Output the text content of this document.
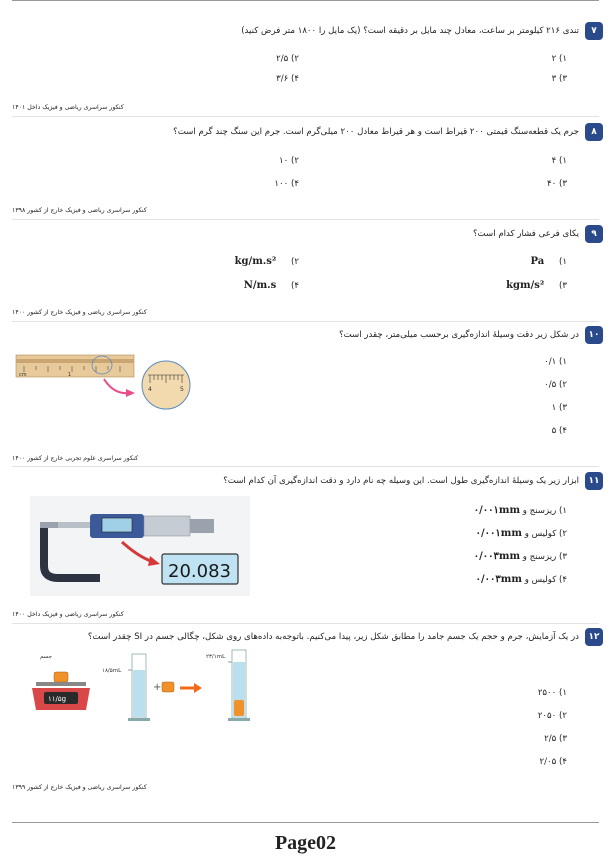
۷
تندی ۲۱۶ کیلومتر بر ساعت، معادل چند مایل بر دقیقه است؟ (یک مایل را ۱۸۰۰ متر فرض کنید)
۱) ۲
۲) ۲/۵
۳) ۳
۴) ۳/۶
کنکور سراسری ریاضی و فیزیک داخل ۱۴۰۱
۸
جرم یک قطعه‌سنگ قیمتی ۲۰۰ قیراط است و هر قیراط معادل ۲۰۰ میلی‌گرم است. جرم این سنگ چند گرم است؟
۱) ۴
۲) ۱۰
۳) ۴۰
۴) ۱۰۰
کنکور سراسری ریاضی و فیزیک خارج از کشور ۱۳۹۸
۹
یکای فرعی فشار کدام است؟
۱) Pa
۲) kg/m.s²
۳) kgm/s²
۴) N/m.s
کنکور سراسری ریاضی و فیزیک خارج از کشور ۱۴۰۰
۱۰
در شکل زیر دقت وسیلهٔ اندازه‌گیری برحسب میلی‌متر، چقدر است؟
۱) ۰/۱
۲) ۰/۵
۳) ۱
۴) ۵
cm	1
4	5
کنکور سراسری علوم تجربی خارج از کشور ۱۴۰۰
۱۱
ابزار زیر یک وسیلهٔ اندازه‌گیری طول است. این وسیله چه نام دارد و دقت اندازه‌گیری آن کدام است؟
۱) ریزسنج و ۰/۰۰۱mm
۲) کولیس و ۰/۰۰۱mm
۳) ریزسنج و ۰/۰۰۳mm
۴) کولیس و ۰/۰۰۳mm
20.083
کنکور سراسری ریاضی و فیزیک داخل ۱۴۰۰
۱۲
در یک آزمایش، جرم و حجم یک جسم جامد را مطابق شکل زیر، پیدا می‌کنیم. باتوجه‌به داده‌های روی شکل، چگالی جسم در SI چقدر است؟
۱) ۲۵۰۰
۲) ۲۰۵۰
۳) ۲/۵
۴) ۲/۰۵
جسم
۱۱/۵g
۱۸/۵mL
+
۲۳/۱mL
کنکور سراسری ریاضی و فیزیک خارج از کشور ۱۳۹۹
Page02
